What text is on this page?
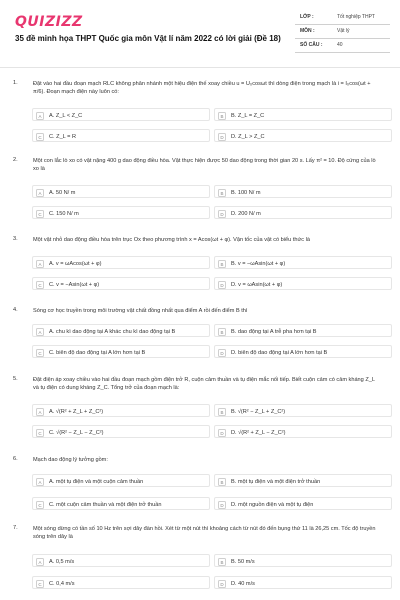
QUIZIZZ
35 đề minh họa THPT Quốc gia môn Vật lí năm 2022 có lời giải (Đề 18)
LỚP :	Tốt nghiệp THPT
MÔN :	Vật lý
SỐ CÂU :	40
1.	Đặt vào hai đầu đoạn mạch RLC không phân nhánh một hiệu điện thế xoay chiều u = U₀cosωt thì dòng điện trong mạch là i = I₀cos(ωt + π/6). Đoạn mạch điện này luôn có:
A	A. Z_L < Z_C	B	B. Z_L = Z_C
C	C. Z_L = R	D	D. Z_L > Z_C
2.	Một con lắc lò xo có vật nặng 400 g dao động điều hòa. Vật thực hiện được 50 dao động trong thời gian 20 s. Lấy π² = 10. Độ cứng của lò xo là
A	A. 50 N/ m	B	B. 100 N/ m
C	C. 150 N/ m	D	D. 200 N/ m
3.	Một vật nhỏ dao động điều hòa trên trục Ox theo phương trình x = Acos(ωt + φ). Vận tốc của vật có biểu thức là
A	A. v = ωAcos(ωt + φ)	B	B. v = −ωAsin(ωt + φ)
C	C. v = −Asin(ωt + φ)	D	D. v = ωAsin(ωt + φ)
4.	Sóng cơ học truyền trong môi trường vật chất đồng nhất qua điểm A rồi đến điểm B thì
A	A. chu kì dao động tại A khác chu kì dao động tại B	B	B. dao động tại A trễ pha hơn tại B
C	C. biên độ dao động tại A lớn hơn tại B	D	D. biên độ dao động tại A lớn hơn tại B
5.	Đặt điện áp xoay chiều vào hai đầu đoạn mạch gồm điện trở R, cuộn cảm thuần và tụ điện mắc nối tiếp. Biết cuộn cảm có cảm kháng Z_L và tụ điện có dung kháng Z_C. Tổng trở của đoạn mạch là:
A	A. √(R² + Z_L + Z_C²)	B	B. √(R² − Z_L + Z_C²)
C	C. √(R² − Z_L − Z_C²)	D	D. √(R² + Z_L − Z_C²)
6.	Mạch dao động lý tưởng gồm:
A	A. một tụ điện và một cuộn cảm thuần	B	B. một tụ điện và một điện trở thuần
C	C. một cuộn cảm thuần và một điện trở thuần	D	D. một nguồn điện và một tụ điện
7.	Một sóng dừng có tần số 10 Hz trên sợi dây đàn hồi. Xét từ một nút thì khoảng cách từ nút đó đến bụng thứ 11 là 26,25 cm. Tốc độ truyền sóng trên dây là
A	A. 0,5 m/s	B	B. 50 m/s
C	C. 0,4 m/s	D	D. 40 m/s
